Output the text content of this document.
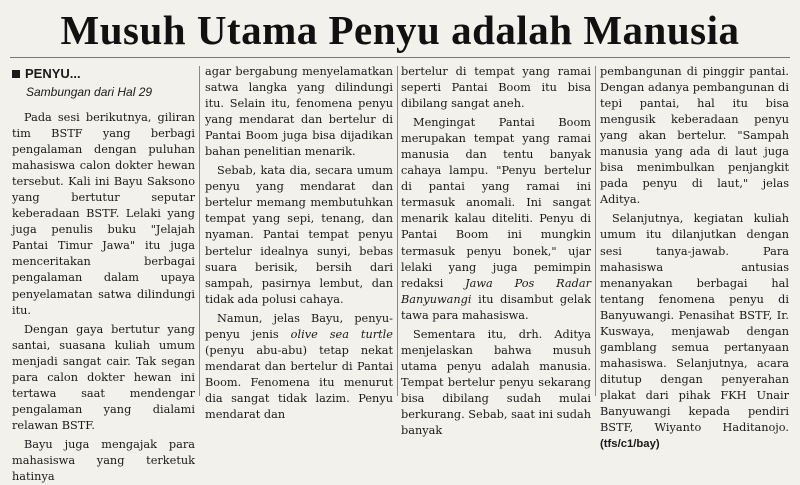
Musuh Utama Penyu adalah Manusia
PENYU...
Sambungan dari Hal 29

Pada sesi berikutnya, giliran tim BSTF yang berbagi pengalaman dengan puluhan mahasiswa calon dokter hewan tersebut. Kali ini Bayu Saksono yang bertutur seputar keberadaan BSTF. Lelaki yang juga penulis buku "Jelajah Pantai Timur Jawa" itu juga menceritakan berbagai pengalaman dalam upaya penyelamatan satwa dilindungi itu.

Dengan gaya bertutur yang santai, suasana kuliah umum menjadi sangat cair. Tak segan para calon dokter hewan ini tertawa saat mendengar pengalaman yang dialami relawan BSTF.

Bayu juga mengajak para mahasiswa yang terketuk hatinya

agar bergabung menyelamatkan satwa langka yang dilindungi itu. Selain itu, fenomena penyu yang mendarat dan bertelur di Pantai Boom juga bisa dijadikan bahan penelitian menarik.

Sebab, kata dia, secara umum penyu yang mendarat dan bertelur memang membutuhkan tempat yang sepi, tenang, dan nyaman. Pantai tempat penyu bertelur idealnya sunyi, bebas suara berisik, bersih dari sampah, pasirnya lembut, dan tidak ada polusi cahaya.

Namun, jelas Bayu, penyu-penyu jenis olive sea turtle (penyu abu-abu) tetap nekat mendarat dan bertelur di Pantai Boom. Fenomena itu menurut dia sangat tidak lazim. Penyu mendarat dan

bertelur di tempat yang ramai seperti Pantai Boom itu bisa dibilang sangat aneh.

Mengingat Pantai Boom merupakan tempat yang ramai manusia dan tentu banyak cahaya lampu. "Penyu bertelur di pantai yang ramai ini termasuk anomali. Ini sangat menarik kalau diteliti. Penyu di Pantai Boom ini mungkin termasuk penyu bonek," ujar lelaki yang juga pemimpin redaksi Jawa Pos Radar Banyuwangi itu disambut gelak tawa para mahasiswa.

Sementara itu, drh. Aditya menjelaskan bahwa musuh utama penyu adalah manusia. Tempat bertelur penyu sekarang bisa dibilang sudah mulai berkurang. Sebab, saat ini sudah banyak

pembangunan di pinggir pantai. Dengan adanya pembangunan di tepi pantai, hal itu bisa mengusik keberadaan penyu yang akan bertelur. "Sampah manusia yang ada di laut juga bisa menimbulkan penjangkit pada penyu di laut," jelas Aditya.

Selanjutnya, kegiatan kuliah umum itu dilanjutkan dengan sesi tanya-jawab. Para mahasiswa antusias menanyakan berbagai hal tentang fenomena penyu di Banyuwangi. Penasihat BSTF, Ir. Kuswaya, menjawab dengan gamblang semua pertanyaan mahasiswa. Selanjutnya, acara ditutup dengan penyerahan plakat dari pihak FKH Unair Banyuwangi kepada pendiri BSTF, Wiyanto Haditanojo. (tfs/c1/bay)
